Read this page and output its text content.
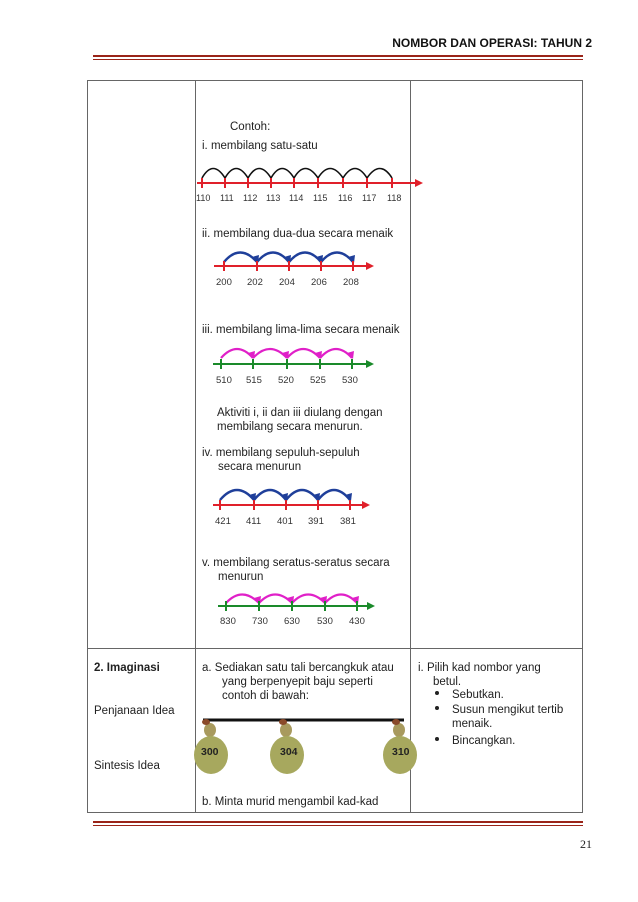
NOMBOR DAN OPERASI: TAHUN 2
Contoh:
i. membilang satu-satu
110 111 112 113 114 115 116 117 118
ii. membilang dua-dua secara menaik
200 202 204 206 208
iii. membilang lima-lima secara menaik
510 515 520 525 530
Aktiviti i, ii dan iii diulang dengan
membilang secara menurun.
iv. membilang sepuluh-sepuluh
secara menurun
421 411 401 391 381
v. membilang seratus-seratus secara
menurun
830 730 630 530 430
2. Imaginasi
Penjanaan Idea
Sintesis Idea
a. Sediakan satu tali bercangkuk atau
yang berpenyepit baju seperti
contoh di bawah:
300	304	310
b. Minta murid mengambil kad-kad
i. Pilih kad nombor yang
betul.
Sebutkan.
Susun mengikut tertib
menaik.
Bincangkan.
21
